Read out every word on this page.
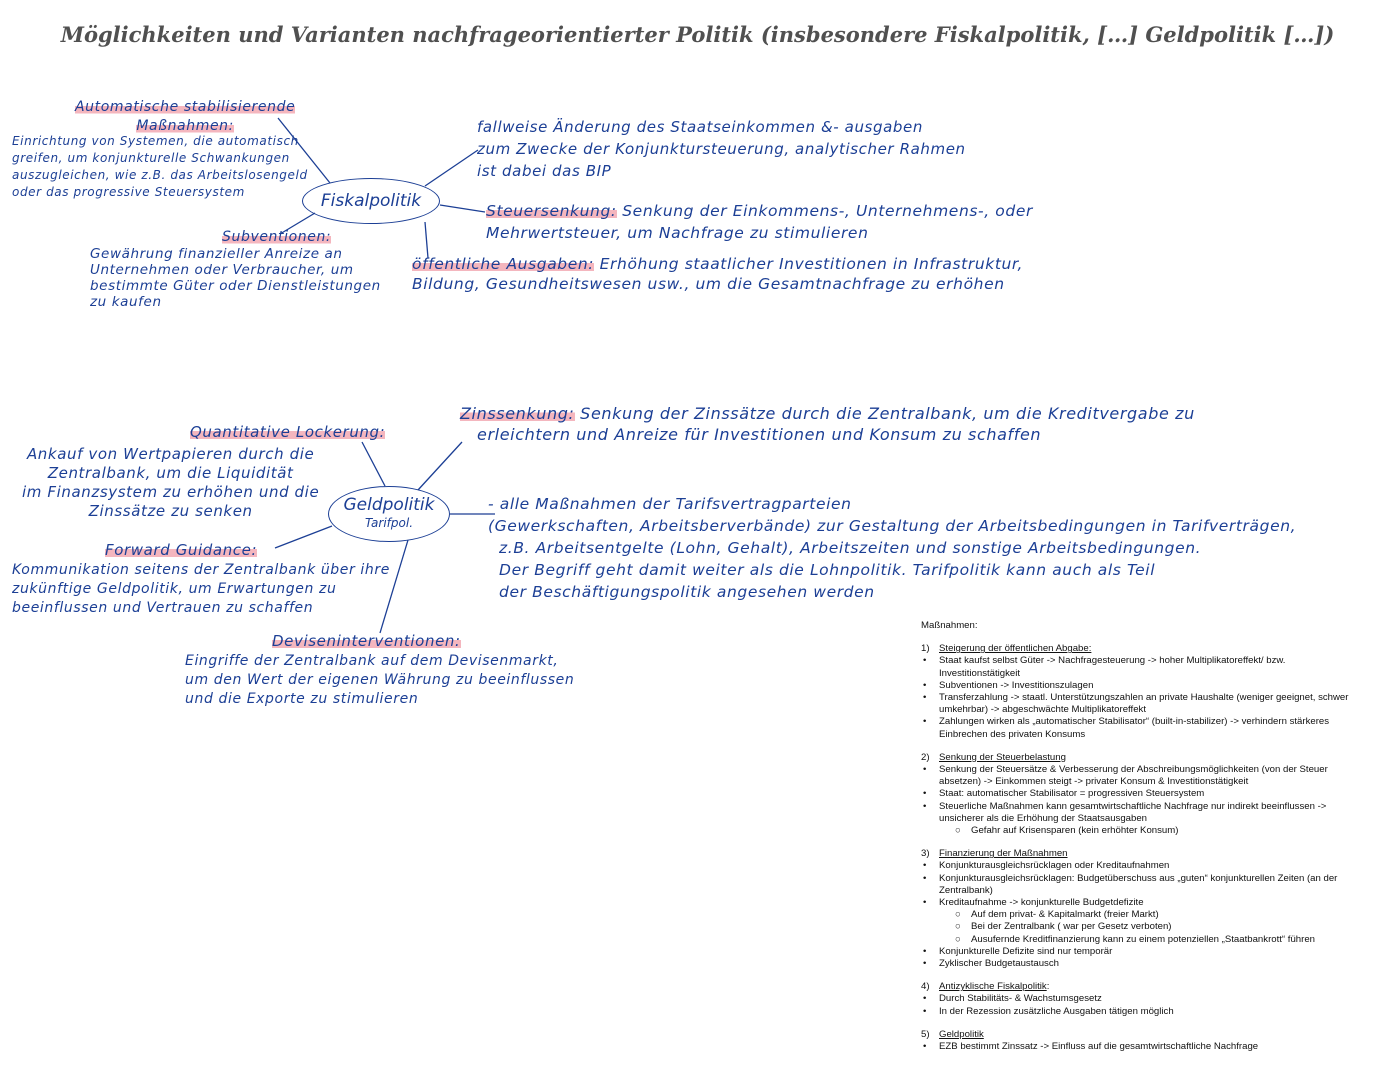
Möglichkeiten und Varianten nachfrageorientierter Politik (insbesondere Fiskalpolitik, […] Geldpolitik […])
Fiskalpolitik
Automatische stabilisierende
Maßnahmen:
Einrichtung von Systemen, die automatisch
greifen, um konjunkturelle Schwankungen
auszugleichen, wie z.B. das Arbeitslosengeld
oder das progressive Steuersystem
Subventionen:
Gewährung finanzieller Anreize an
Unternehmen oder Verbraucher, um
bestimmte Güter oder Dienstleistungen
zu kaufen
fallweise Änderung des Staatseinkommen &- ausgaben
zum Zwecke der Konjunktursteuerung, analytischer Rahmen
ist dabei das BIP
Steuersenkung: Senkung der Einkommens-, Unternehmens-, oder
Mehrwertsteuer, um Nachfrage zu stimulieren
öffentliche Ausgaben: Erhöhung staatlicher Investitionen in Infrastruktur,
Bildung, Gesundheitswesen usw., um die Gesamtnachfrage zu erhöhen
Geldpolitik
Tarifpol.
Quantitative Lockerung:
Ankauf von Wertpapieren durch die
Zentralbank, um die Liquidität
im Finanzsystem zu erhöhen und die
Zinssätze zu senken
Zinssenkung: Senkung der Zinssätze durch die Zentralbank, um die Kreditvergabe zu
erleichtern und Anreize für Investitionen und Konsum zu schaffen
Forward Guidance:
Kommunikation seitens der Zentralbank über ihre
zukünftige Geldpolitik, um Erwartungen zu
beeinflussen und Vertrauen zu schaffen
Deviseninterventionen:
Eingriffe der Zentralbank auf dem Devisenmarkt,
um den Wert der eigenen Währung zu beeinflussen
und die Exporte zu stimulieren
- alle Maßnahmen der Tarifsvertragparteien
(Gewerkschaften, Arbeitsberverbände) zur Gestaltung der Arbeitsbedingungen in Tarifverträgen,
z.B. Arbeitsentgelte (Lohn, Gehalt), Arbeitszeiten und sonstige Arbeitsbedingungen.
Der Begriff geht damit weiter als die Lohnpolitik. Tarifpolitik kann auch als Teil
der Beschäftigungspolitik angesehen werden
Maßnahmen:
1) Steigerung der öffentlichen Abgabe:
•	Staat kaufst selbst Güter -> Nachfragesteuerung -> hoher Multiplikatoreffekt/ bzw. Investitionstätigkeit
•	Subventionen -> Investitionszulagen
•	Transferzahlung -> staatl. Unterstützungszahlen an private Haushalte (weniger geeignet, schwer umkehrbar) -> abgeschwächte Multiplikatoreffekt
•	Zahlungen wirken als „automatischer Stabilisator“ (built-in-stabilizer) -> verhindern stärkeres Einbrechen des privaten Konsums
2) Senkung der Steuerbelastung
•	Senkung der Steuersätze & Verbesserung der Abschreibungsmöglichkeiten (von der Steuer absetzen) -> Einkommen steigt -> privater Konsum & Investitionstätigkeit
•	Staat: automatischer Stabilisator = progressiven Steuersystem
•	Steuerliche Maßnahmen kann gesamtwirtschaftliche Nachfrage nur indirekt beeinflussen -> unsicherer als die Erhöhung der Staatsausgaben
○	Gefahr auf Krisensparen (kein erhöhter Konsum)
3) Finanzierung der Maßnahmen
•	Konjunkturausgleichsrücklagen oder Kreditaufnahmen
•	Konjunkturausgleichsrücklagen: Budgetüberschuss aus „guten“ konjunkturellen Zeiten (an der Zentralbank)
•	Kreditaufnahme -> konjunkturelle Budgetdefizite
○	Auf dem privat- & Kapitalmarkt (freier Markt)
○	Bei der Zentralbank ( war per Gesetz verboten)
○	Ausufernde Kreditfinanzierung kann zu einem potenziellen „Staatbankrott“ führen
•	Konjunkturelle Defizite sind nur temporär
•	Zyklischer Budgetaustausch
4) Antizyklische Fiskalpolitik:
•	Durch Stabilitäts- & Wachstumsgesetz
•	In der Rezession zusätzliche Ausgaben tätigen möglich
5) Geldpolitik
•	EZB bestimmt Zinssatz -> Einfluss auf die gesamtwirtschaftliche Nachfrage
